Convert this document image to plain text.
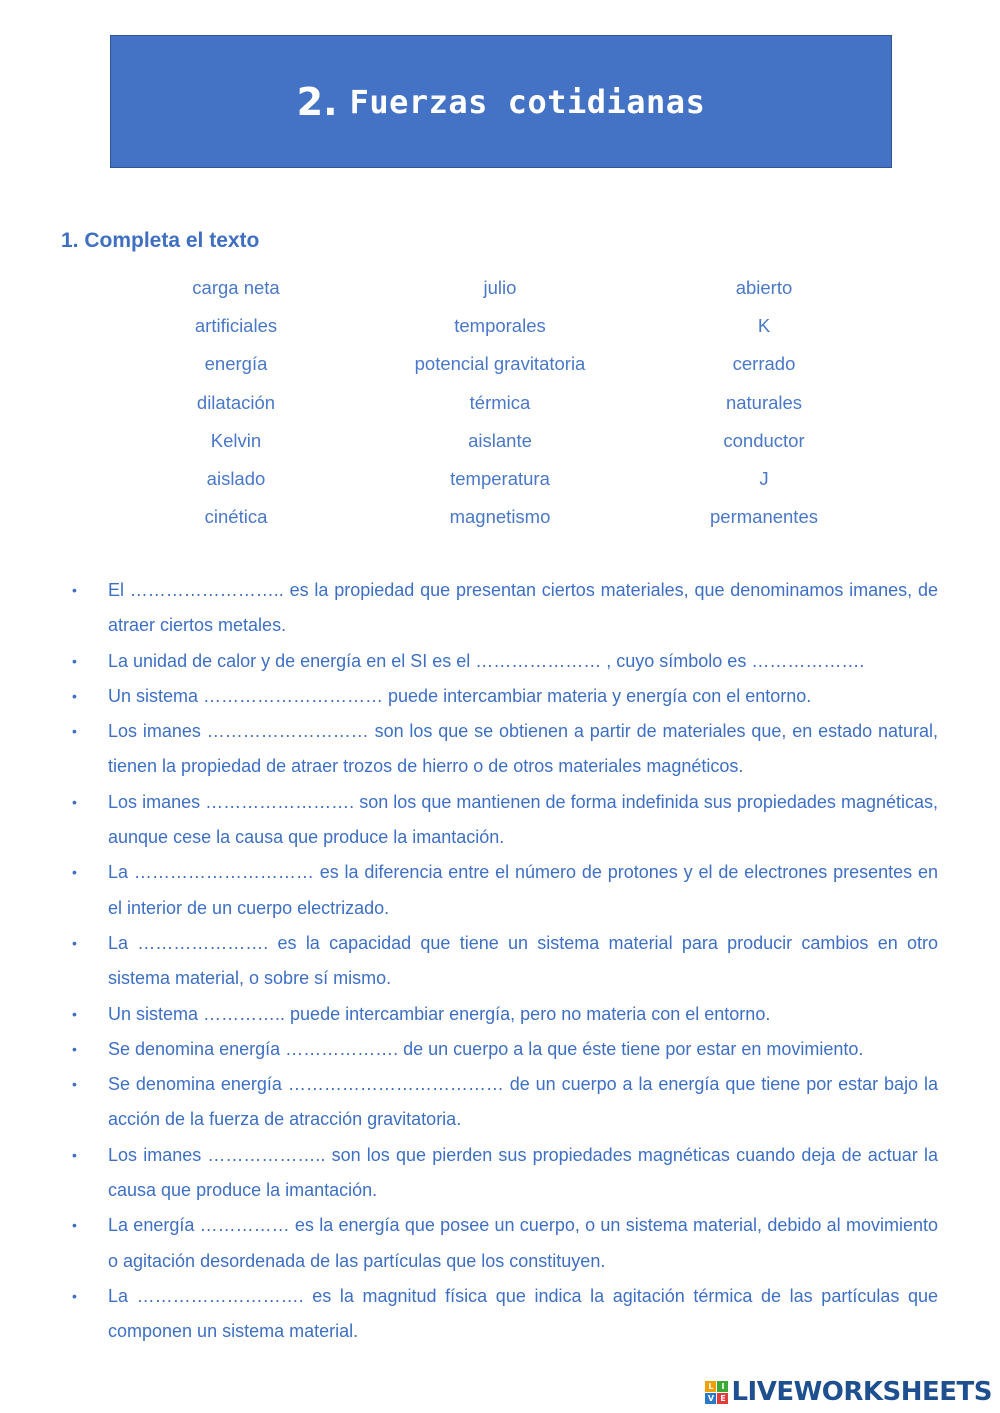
2. Fuerzas cotidianas
1. Completa el texto
carga neta	julio	abierto
artificiales	temporales	K
energía	potencial gravitatoria	cerrado
dilatación	térmica	naturales
Kelvin	aislante	conductor
aislado	temperatura	J
cinética	magnetismo	permanentes
• El …………………….. es la propiedad que presentan ciertos materiales, que denominamos imanes, de atraer ciertos metales.
• La unidad de calor y de energía en el SI es el ………………… , cuyo símbolo es ……………….
• Un sistema ………………………… puede intercambiar materia y energía con el entorno.
• Los imanes ……………………… son los que se obtienen a partir de materiales que, en estado natural, tienen la propiedad de atraer trozos de hierro o de otros materiales magnéticos.
• Los imanes ……………………. son los que mantienen de forma indefinida sus propiedades magnéticas, aunque cese la causa que produce la imantación.
• La ………………………… es la diferencia entre el número de protones y el de electrones presentes en el interior de un cuerpo electrizado.
• La …………………. es la capacidad que tiene un sistema material para producir cambios en otro sistema material, o sobre sí mismo.
• Un sistema ………….. puede intercambiar energía, pero no materia con el entorno.
• Se denomina energía ………………. de un cuerpo a la que éste tiene por estar en movimiento.
• Se denomina energía ……………………………… de un cuerpo a la energía que tiene por estar bajo la acción de la fuerza de atracción gravitatoria.
• Los imanes ……………….. son los que pierden sus propiedades magnéticas cuando deja de actuar la causa que produce la imantación.
• La energía …………… es la energía que posee un cuerpo, o un sistema material, debido al movimiento o agitación desordenada de las partículas que los constituyen.
• La ………………………. es la magnitud física que indica la agitación térmica de las partículas que componen un sistema material.
L I
V E LIVEWORKSHEETS
